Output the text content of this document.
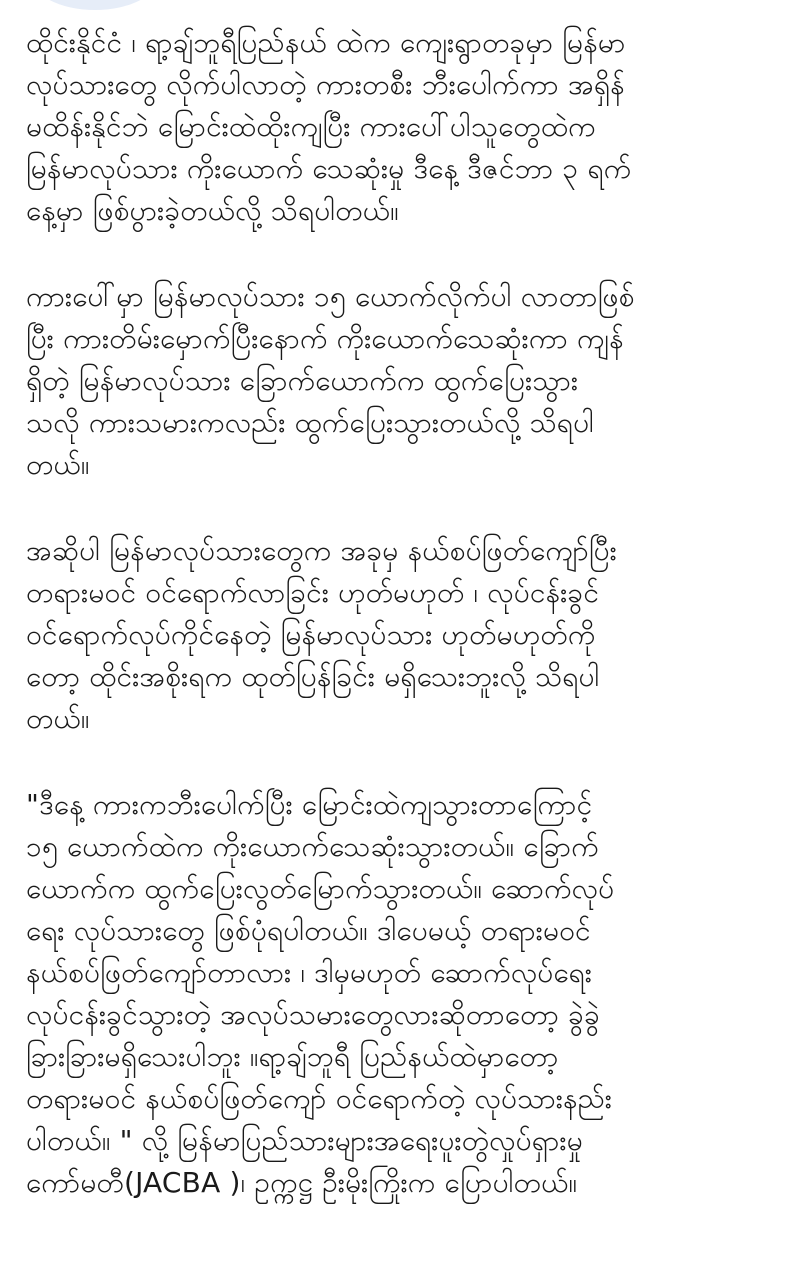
ထိုင်းနိုင်ငံ ၊ ရာ့ချ်ဘူရီပြည်နယ် ထဲက ကျေးရွာတခုမှာ မြန်မာ
လုပ်သားတွေ လိုက်ပါလာတဲ့ ကားတစီး ဘီးပေါက်ကာ အရှိန်
မထိန်းနိုင်ဘဲ မြောင်းထဲထိုးကျပြီး ကားပေါ်ပါသူတွေထဲက
မြန်မာလုပ်သား ကိုးယောက် သေဆုံးမှု ဒီနေ့ ဒီဇင်ဘာ ၃ ရက်
နေ့မှာ ဖြစ်ပွားခဲ့တယ်လို့ သိရပါတယ်။

ကားပေါ်မှာ မြန်မာလုပ်သား ၁၅ ယောက်လိုက်ပါ လာတာဖြစ်
ပြီး ကားတိမ်းမှောက်ပြီးနောက် ကိုးယောက်သေဆုံးကာ ကျန်
ရှိတဲ့ မြန်မာလုပ်သား ခြောက်ယောက်က ထွက်ပြေးသွား
သလို ကားသမားကလည်း ထွက်ပြေးသွားတယ်လို့ သိရပါ
တယ်။

အဆိုပါ မြန်မာလုပ်သားတွေက အခုမှ နယ်စပ်ဖြတ်ကျော်ပြီး
တရားမဝင် ဝင်ရောက်လာခြင်း ဟုတ်မဟုတ် ၊ လုပ်ငန်းခွင်
ဝင်ရောက်လုပ်ကိုင်နေတဲ့ မြန်မာလုပ်သား ဟုတ်မဟုတ်ကို
တော့ ထိုင်းအစိုးရက ထုတ်ပြန်ခြင်း မရှိသေးဘူးလို့ သိရပါ
တယ်။

"ဒီနေ့ ကားကဘီးပေါက်ပြီး မြောင်းထဲကျသွားတာကြောင့်
၁၅ ယောက်ထဲက ကိုးယောက်သေဆုံးသွားတယ်။ ခြောက်
ယောက်က ထွက်ပြေးလွတ်မြောက်သွားတယ်။ ဆောက်လုပ်
ရေး လုပ်သားတွေ ဖြစ်ပုံရပါတယ်။ ဒါပေမယ့် တရားမဝင်
နယ်စပ်ဖြတ်ကျော်တာလား ၊ ဒါမှမဟုတ် ဆောက်လုပ်ရေး
လုပ်ငန်းခွင်သွားတဲ့ အလုပ်သမားတွေလားဆိုတာတော့ ခွဲခွဲ
ခြားခြားမရှိသေးပါဘူး ။ရာ့ချ်ဘူရီ ပြည်နယ်ထဲမှာတော့
တရားမဝင် နယ်စပ်ဖြတ်ကျော် ဝင်ရောက်တဲ့ လုပ်သားနည်း
ပါတယ်။ " လို့ မြန်မာပြည်သားများအရေးပူးတွဲလှုပ်ရှားမှု
ကော်မတီ(JACBA )၊ ဥက္ကဋ္ဌ ဦးမိုးကြိုးက ပြောပါတယ်။
